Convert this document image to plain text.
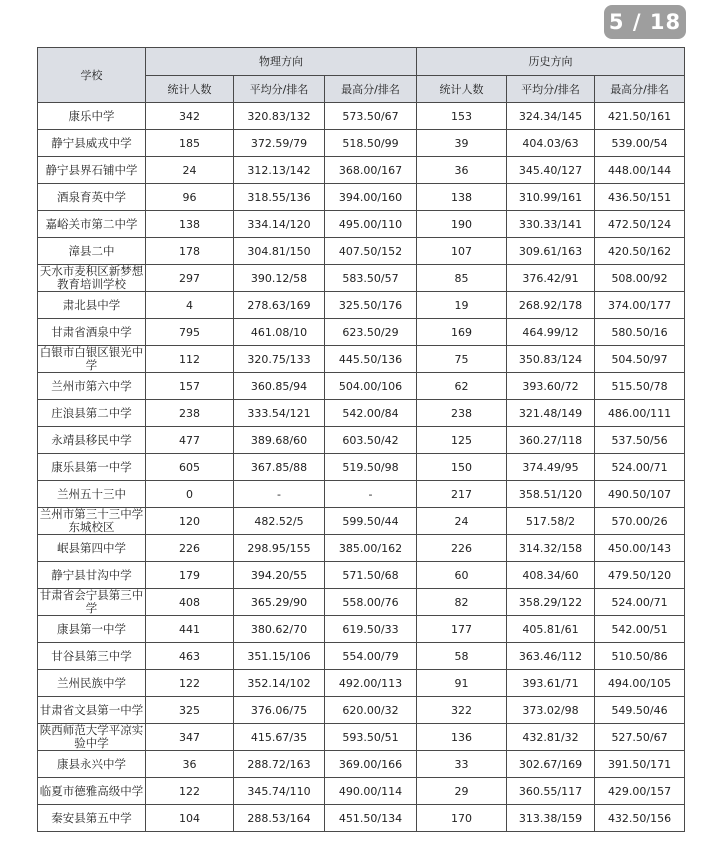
5 / 18
学校	物理方向			历史方向		
	统计人数	平均分/排名	最高分/排名	统计人数	平均分/排名	最高分/排名
康乐中学	342	320.83/132	573.50/67	153	324.34/145	421.50/161
静宁县威戎中学	185	372.59/79	518.50/99	39	404.03/63	539.00/54
静宁县界石铺中学	24	312.13/142	368.00/167	36	345.40/127	448.00/144
酒泉育英中学	96	318.55/136	394.00/160	138	310.99/161	436.50/151
嘉峪关市第二中学	138	334.14/120	495.00/110	190	330.33/141	472.50/124
漳县二中	178	304.81/150	407.50/152	107	309.61/163	420.50/162
天水市麦积区新梦想教育培训学校	297	390.12/58	583.50/57	85	376.42/91	508.00/92
肃北县中学	4	278.63/169	325.50/176	19	268.92/178	374.00/177
甘肃省酒泉中学	795	461.08/10	623.50/29	169	464.99/12	580.50/16
白银市白银区银光中学	112	320.75/133	445.50/136	75	350.83/124	504.50/97
兰州市第六中学	157	360.85/94	504.00/106	62	393.60/72	515.50/78
庄浪县第二中学	238	333.54/121	542.00/84	238	321.48/149	486.00/111
永靖县移民中学	477	389.68/60	603.50/42	125	360.27/118	537.50/56
康乐县第一中学	605	367.85/88	519.50/98	150	374.49/95	524.00/71
兰州五十三中	0	-	-	217	358.51/120	490.50/107
兰州市第三十三中学东城校区	120	482.52/5	599.50/44	24	517.58/2	570.00/26
岷县第四中学	226	298.95/155	385.00/162	226	314.32/158	450.00/143
静宁县甘沟中学	179	394.20/55	571.50/68	60	408.34/60	479.50/120
甘肃省会宁县第三中学	408	365.29/90	558.00/76	82	358.29/122	524.00/71
康县第一中学	441	380.62/70	619.50/33	177	405.81/61	542.00/51
甘谷县第三中学	463	351.15/106	554.00/79	58	363.46/112	510.50/86
兰州民族中学	122	352.14/102	492.00/113	91	393.61/71	494.00/105
甘肃省文县第一中学	325	376.06/75	620.00/32	322	373.02/98	549.50/46
陕西师范大学平凉实验中学	347	415.67/35	593.50/51	136	432.81/32	527.50/67
康县永兴中学	36	288.72/163	369.00/166	33	302.67/169	391.50/171
临夏市德雅高级中学	122	345.74/110	490.00/114	29	360.55/117	429.00/157
秦安县第五中学	104	288.53/164	451.50/134	170	313.38/159	432.50/156
